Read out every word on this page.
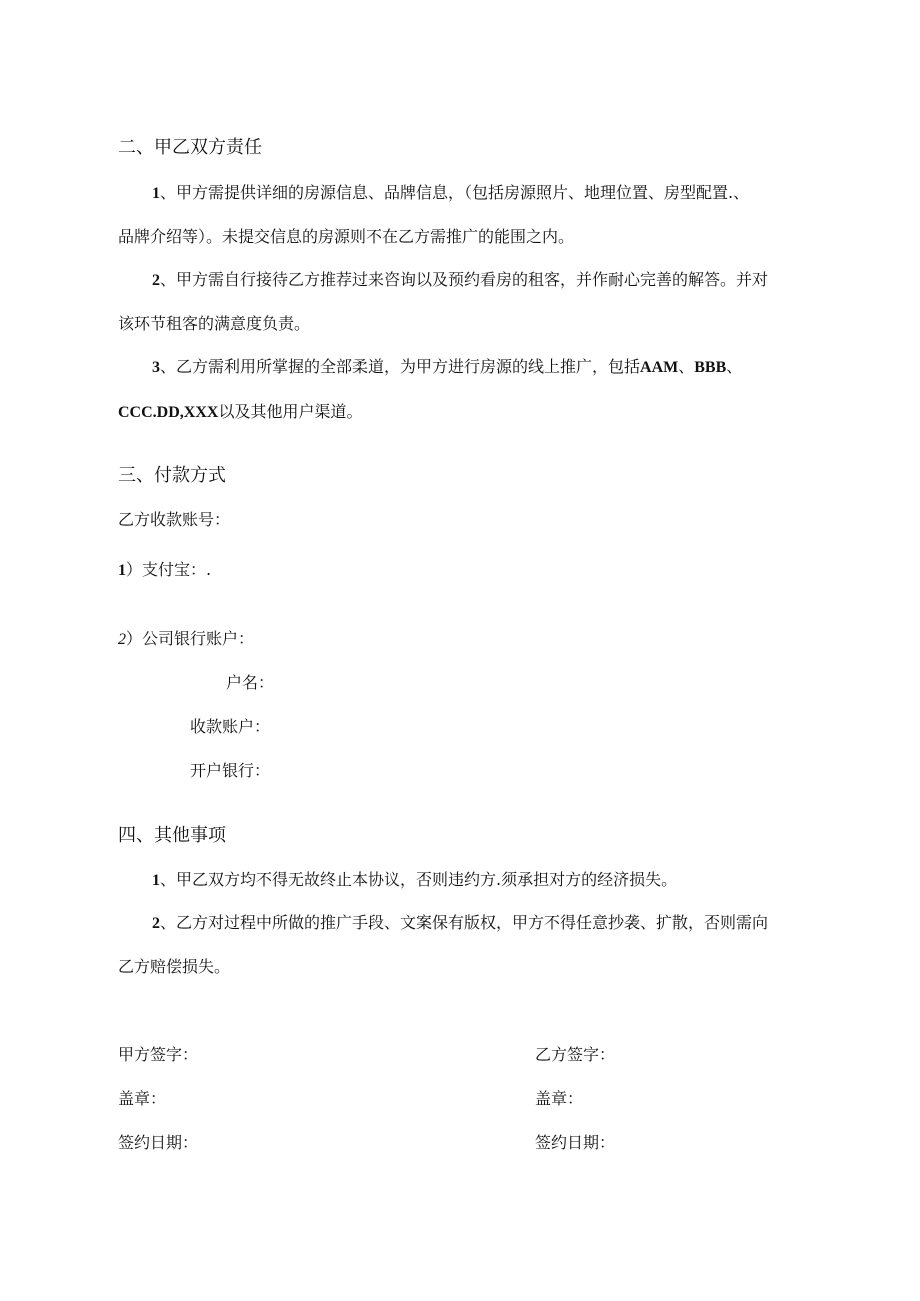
二、甲乙双方责任
1、甲方需提供详细的房源信息、品牌信息，（包括房源照片、地理位置、房型配置.、
品牌介绍等）。未提交信息的房源则不在乙方需推广的能围之内。
2、甲方需自行接待乙方推荐过来咨询以及预约看房的租客，并作耐心完善的解答。并对
该环节租客的满意度负责。
3、乙方需利用所掌握的全部柔道，为甲方进行房源的线上推广，包括AAM、BBB、
CCC.DD,XXX以及其他用户渠道。
三、付款方式
乙方收款账号：
1）支付宝：.
2）公司银行账户：
户名：
收款账户：
开户银行：
四、其他事项
1、甲乙双方均不得无故终止本协议，否则违约方.须承担对方的经济损失。
2、乙方对过程中所做的推广手段、文案保有版权，甲方不得任意抄袭、扩散，否则需向
乙方赔偿损失。
甲方签字：
盖章：
签约日期：
乙方签字：
盖章：
签约日期：
